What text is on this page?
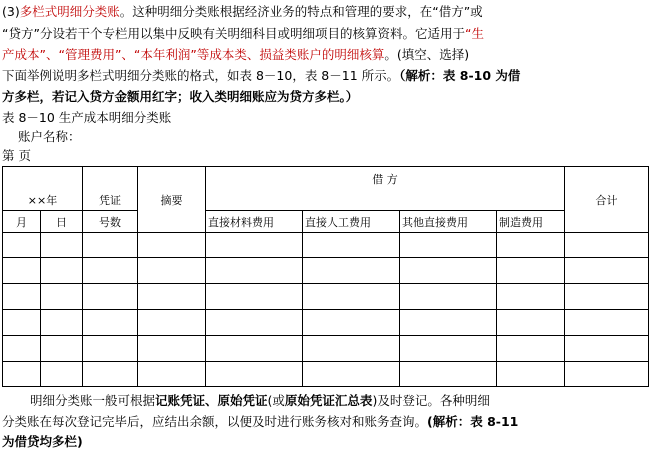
(3)多栏式明细分类账。这种明细分类账根据经济业务的特点和管理的要求，在“借方”或
“贷方”分设若干个专栏用以集中反映有关明细科目或明细项目的核算资料。它适用于“生
产成本”、“管理费用”、“本年利润”等成本类、损益类账户的明细核算。(填空、选择)
下面举例说明多栏式明细分类账的格式，如表 8－10，表 8－11 所示。（解析：表 8-10 为借
方多栏，若记入贷方金额用红字；收入类明细账应为贷方多栏。）
表 8－10 生产成本明细分类账
账户名称：
第 页
××年		凭证	摘要	借 方				合计
月	日	号数		直接材料费用	直接人工费用	其他直接费用	制造费用	

明细分类账一般可根据记账凭证、原始凭证(或原始凭证汇总表)及时登记。各种明细
分类账在每次登记完毕后，应结出余额，以便及时进行账务核对和账务查询。(解析：表 8-11
为借贷均多栏)
